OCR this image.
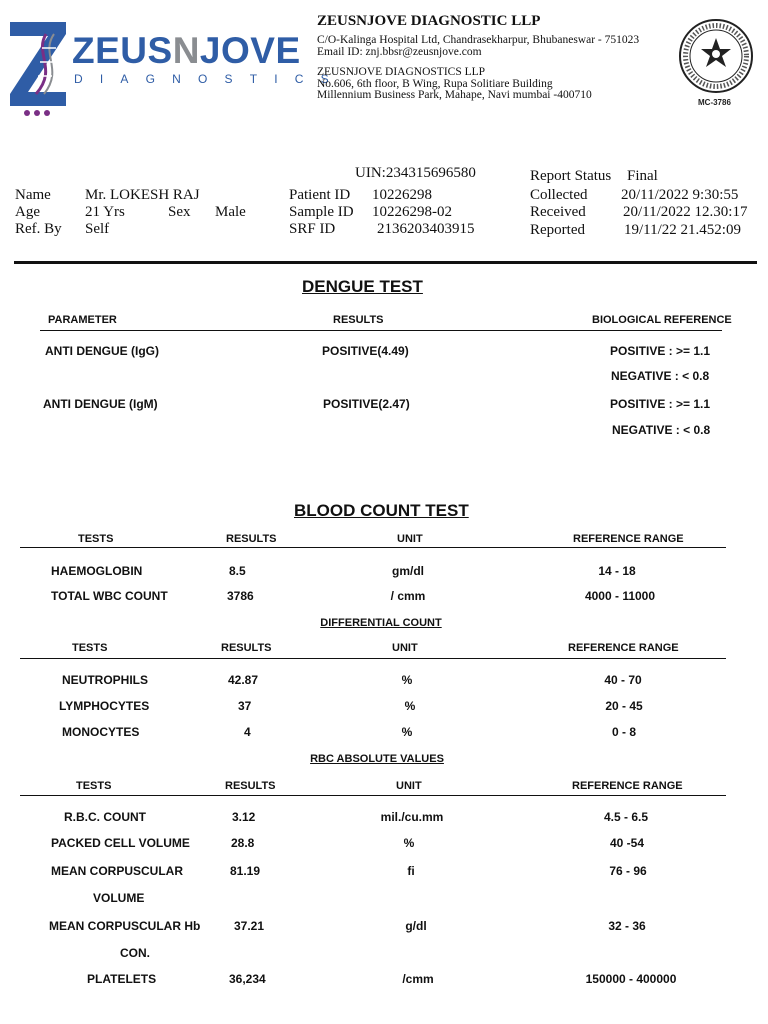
ZEUSNJOVE
DIAGNOSTICS
ZEUSNJOVE DIAGNOSTIC LLP
C/O-Kalinga Hospital Ltd, Chandrasekharpur, Bhubaneswar - 751023
Email ID: znj.bbsr@zeusnjove.com
ZEUSNJOVE DIAGNOSTICS LLP
No.606, 6th floor, B Wing, Rupa Solitiare Building
Millennium Business Park, Mahape, Navi mumbai -400710
MC-3786
UIN:234315696580	Report Status Final
Name Mr. LOKESH RAJ	Patient ID 10226298	Collected 20/11/2022 9:30:55
Age	21 Yrs	Sex Male	Sample ID 10226298-02	Received 20/11/2022 12.30:17
Ref. By Self	SRF ID	2136203403915	Reported	19/11/22 21.452:09
DENGUE TEST
PARAMETER	RESULTS	BIOLOGICAL REFERENCE
ANTI DENGUE (IgG)	POSITIVE(4.49)	POSITIVE : >= 1.1
NEGATIVE : < 0.8
ANTI DENGUE (IgM)	POSITIVE(2.47)	POSITIVE : >= 1.1
NEGATIVE : < 0.8
BLOOD COUNT TEST
TESTS	RESULTS	UNIT	REFERENCE RANGE
HAEMOGLOBIN	8.5	gm/dl	14 - 18
TOTAL WBC COUNT	3786	/ cmm	4000 - 11000
DIFFERENTIAL COUNT
TESTS	RESULTS	UNIT	REFERENCE RANGE
NEUTROPHILS	42.87	%	40 - 70
LYMPHOCYTES	37	%	20 - 45
MONOCYTES	4	%	0 - 8
RBC ABSOLUTE VALUES
TESTS	RESULTS	UNIT	REFERENCE RANGE
R.B.C. COUNT	3.12	mil./cu.mm	4.5 - 6.5
PACKED CELL VOLUME	28.8	%	40 -54
MEAN CORPUSCULAR
VOLUME
81.19	fi	76 - 96
MEAN CORPUSCULAR Hb
CON.
37.21	g/dl	32 - 36
PLATELETS	36,234	/cmm	150000 - 400000
